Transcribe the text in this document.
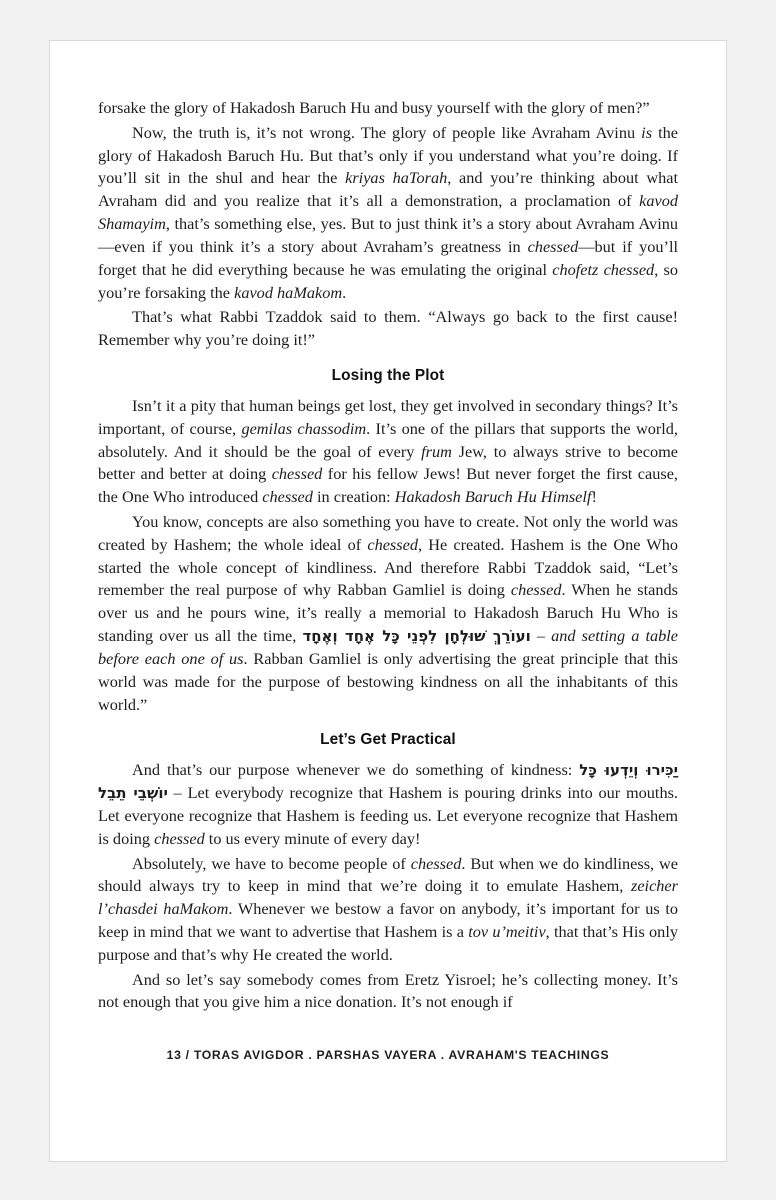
forsake the glory of Hakadosh Baruch Hu and busy yourself with the glory of men?”

Now, the truth is, it’s not wrong. The glory of people like Avraham Avinu is the glory of Hakadosh Baruch Hu. But that’s only if you understand what you’re doing. If you’ll sit in the shul and hear the kriyas haTorah, and you’re thinking about what Avraham did and you realize that it’s all a demonstration, a proclamation of kavod Shamayim, that’s something else, yes. But to just think it’s a story about Avraham Avinu—even if you think it’s a story about Avraham’s greatness in chessed—but if you’ll forget that he did everything because he was emulating the original chofetz chessed, so you’re forsaking the kavod haMakom.

That’s what Rabbi Tzaddok said to them. “Always go back to the first cause! Remember why you’re doing it!”

Losing the Plot

Isn’t it a pity that human beings get lost, they get involved in secondary things? It’s important, of course, gemilas chassodim. It’s one of the pillars that supports the world, absolutely. And it should be the goal of every frum Jew, to always strive to become better and better at doing chessed for his fellow Jews! But never forget the first cause, the One Who introduced chessed in creation: Hakadosh Baruch Hu Himself!

You know, concepts are also something you have to create. Not only the world was created by Hashem; the whole ideal of chessed, He created. Hashem is the One Who started the whole concept of kindliness. And therefore Rabbi Tzaddok said, “Let’s remember the real purpose of why Rabban Gamliel is doing chessed. When he stands over us and he pours wine, it’s really a memorial to Hakadosh Baruch Hu Who is standing over us all the time, ועוֹרֵךְ שׁוּלְחָן לִפְנֵי כָּל אֶחָד וְאֶחָד – and setting a table before each one of us. Rabban Gamliel is only advertising the great principle that this world was made for the purpose of bestowing kindness on all the inhabitants of this world.”

Let’s Get Practical

And that’s our purpose whenever we do something of kindness: יַכִּירוּ וְיֵדְעוּ כָּל יוֹשְׁבֵי תֵבֵל – Let everybody recognize that Hashem is pouring drinks into our mouths. Let everyone recognize that Hashem is feeding us. Let everyone recognize that Hashem is doing chessed to us every minute of every day!

Absolutely, we have to become people of chessed. But when we do kindliness, we should always try to keep in mind that we’re doing it to emulate Hashem, zeicher l’chasdei haMakom. Whenever we bestow a favor on anybody, it’s important for us to keep in mind that we want to advertise that Hashem is a tov u’meitiv, that that’s His only purpose and that’s why He created the world.

And so let’s say somebody comes from Eretz Yisroel; he’s collecting money. It’s not enough that you give him a nice donation. It’s not enough if

13 / TORAS AVIGDOR . PARSHAS VAYERA . AVRAHAM'S TEACHINGS
